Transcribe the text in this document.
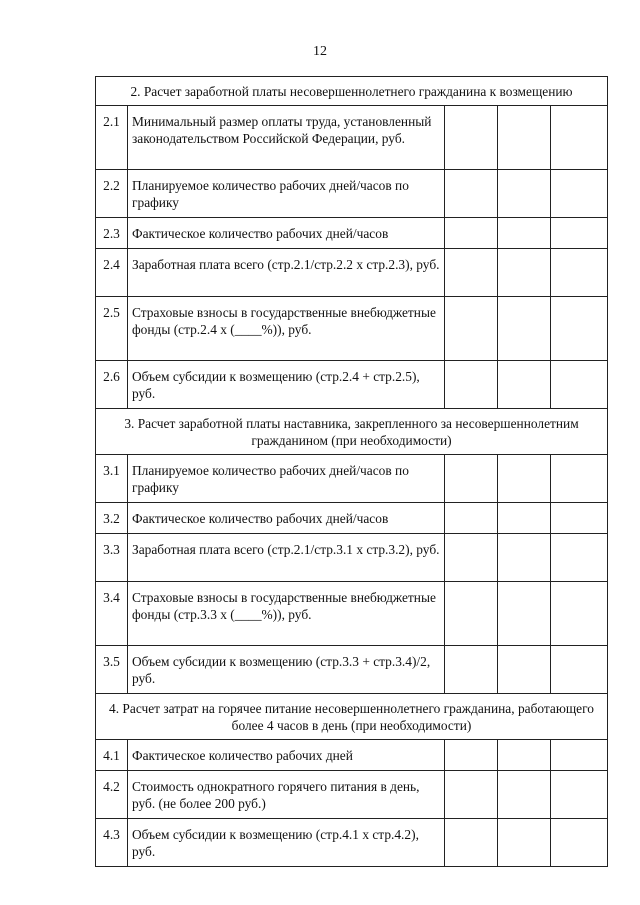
12
2. Расчет заработной платы несовершеннолетнего гражданина к возмещению				
2.1	Минимальный размер оплаты труда, установленный законодательством Российской Федерации, руб.			
2.2	Планируемое количество рабочих дней/часов по графику			
2.3	Фактическое количество рабочих дней/часов			
2.4	Заработная плата всего (стр.2.1/стр.2.2 х стр.2.3), руб.			
2.5	Страховые взносы в государственные внебюджетные фонды (стр.2.4 х (____%)), руб.			
2.6	Объем субсидии к возмещению (стр.2.4 + стр.2.5), руб.			
3. Расчет заработной платы наставника, закрепленного за несовершеннолетним гражданином (при необходимости)				
3.1	Планируемое количество рабочих дней/часов по графику			
3.2	Фактическое количество рабочих дней/часов			
3.3	Заработная плата всего (стр.2.1/стр.3.1 х стр.3.2), руб.			
3.4	Страховые взносы в государственные внебюджетные фонды (стр.3.3 х (____%)), руб.			
3.5	Объем субсидии к возмещению (стр.3.3 + стр.3.4)/2, руб.			
4. Расчет затрат на горячее питание несовершеннолетнего гражданина, работающего более 4 часов в день (при необходимости)				
4.1	Фактическое количество рабочих дней			
4.2	Стоимость однократного горячего питания в день, руб. (не более 200 руб.)			
4.3	Объем субсидии к возмещению (стр.4.1 х стр.4.2), руб.			
